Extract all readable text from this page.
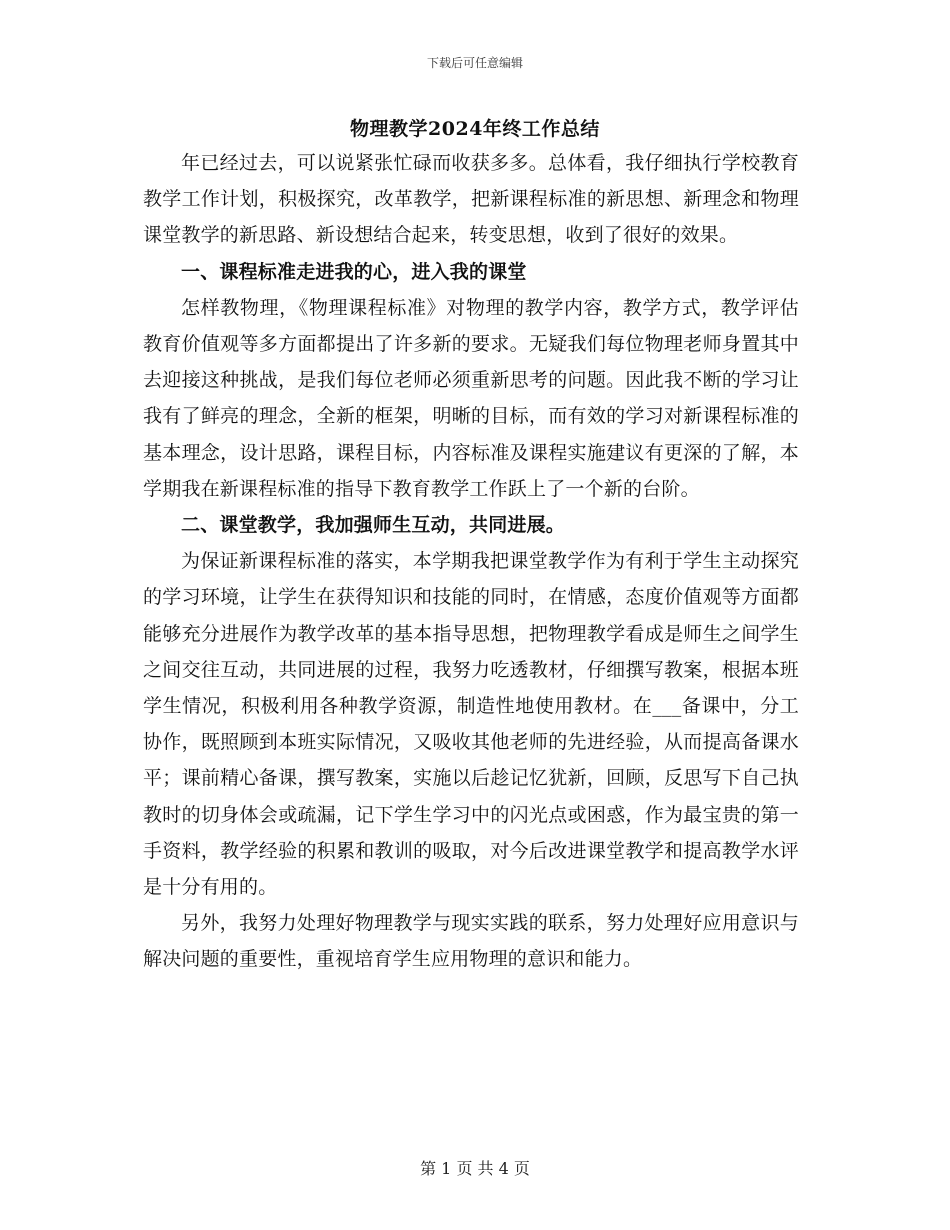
下载后可任意编辑
物理教学2024年终工作总结

年已经过去，可以说紧张忙碌而收获多多。总体看，我仔细执行学校教育教学工作计划，积极探究，改革教学，把新课程标准的新思想、新理念和物理课堂教学的新思路、新设想结合起来，转变思想，收到了很好的效果。

一、课程标准走进我的心，进入我的课堂

怎样教物理，《物理课程标准》对物理的教学内容，教学方式，教学评估教育价值观等多方面都提出了许多新的要求。无疑我们每位物理老师身置其中去迎接这种挑战，是我们每位老师必须重新思考的问题。因此我不断的学习让我有了鲜亮的理念，全新的框架，明晰的目标，而有效的学习对新课程标准的基本理念，设计思路，课程目标，内容标准及课程实施建议有更深的了解，本学期我在新课程标准的指导下教育教学工作跃上了一个新的台阶。

二、课堂教学，我加强师生互动，共同进展。

为保证新课程标准的落实，本学期我把课堂教学作为有利于学生主动探究的学习环境，让学生在获得知识和技能的同时，在情感，态度价值观等方面都能够充分进展作为教学改革的基本指导思想，把物理教学看成是师生之间学生之间交往互动，共同进展的过程，我努力吃透教材，仔细撰写教案，根据本班学生情况，积极利用各种教学资源，制造性地使用教材。在___备课中，分工协作，既照顾到本班实际情况，又吸收其他老师的先进经验，从而提高备课水平；课前精心备课，撰写教案，实施以后趁记忆犹新，回顾，反思写下自己执教时的切身体会或疏漏，记下学生学习中的闪光点或困惑，作为最宝贵的第一手资料，教学经验的积累和教训的吸取，对今后改进课堂教学和提高教学水评是十分有用的。

另外，我努力处理好物理教学与现实实践的联系，努力处理好应用意识与解决问题的重要性，重视培育学生应用物理的意识和能力。

第 1 页 共 4 页
